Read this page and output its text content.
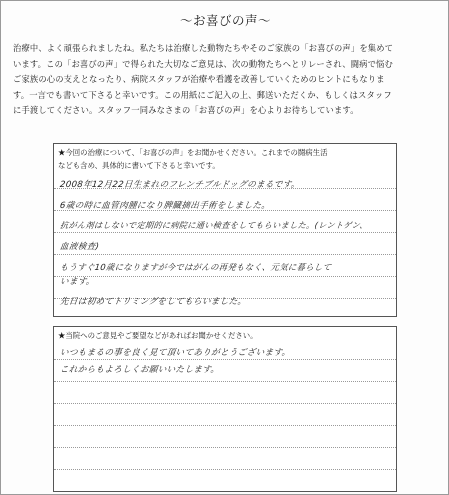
〜お喜びの声〜
治療中、よく頑張られましたね。私たちは治療した動物たちやそのご家族の「お喜びの声」を集めて
います。この「お喜びの声」で得られた大切なご意見は、次の動物たちへとリレーされ、闘病で悩む
ご家族の心の支えとなったり、病院スタッフが治療や看護を改善していくためのヒントにもなりま
す。一言でも書いて下さると幸いです。この用紙にご記入の上、郵送いただくか、もしくはスタッフ
に手渡してください。スタッフ一同みなさまの「お喜びの声」を心よりお待ちしています。
★今回の治療について、「お喜びの声」をお聞かせください。これまでの闘病生活
なども含め、具体的に書いて下さると幸いです。
2008年12月22日生まれのフレンチブルドッグのまるです。
6歳の時に血管肉腫になり脾臓摘出手術をしました。
抗がん剤はしないで定期的に病院に通い検査をしてもらいました。(レントゲン、
血液検査)
もうすぐ10歳になりますが今ではがんの再発もなく、元気に暮らして
います。
先日は初めてトリミングをしてもらいました。
★当院へのご意見やご要望などがあればお聞かせください。
いつもまるの事を良く見て頂いてありがとうございます。
これからもよろしくお願いいたします。
